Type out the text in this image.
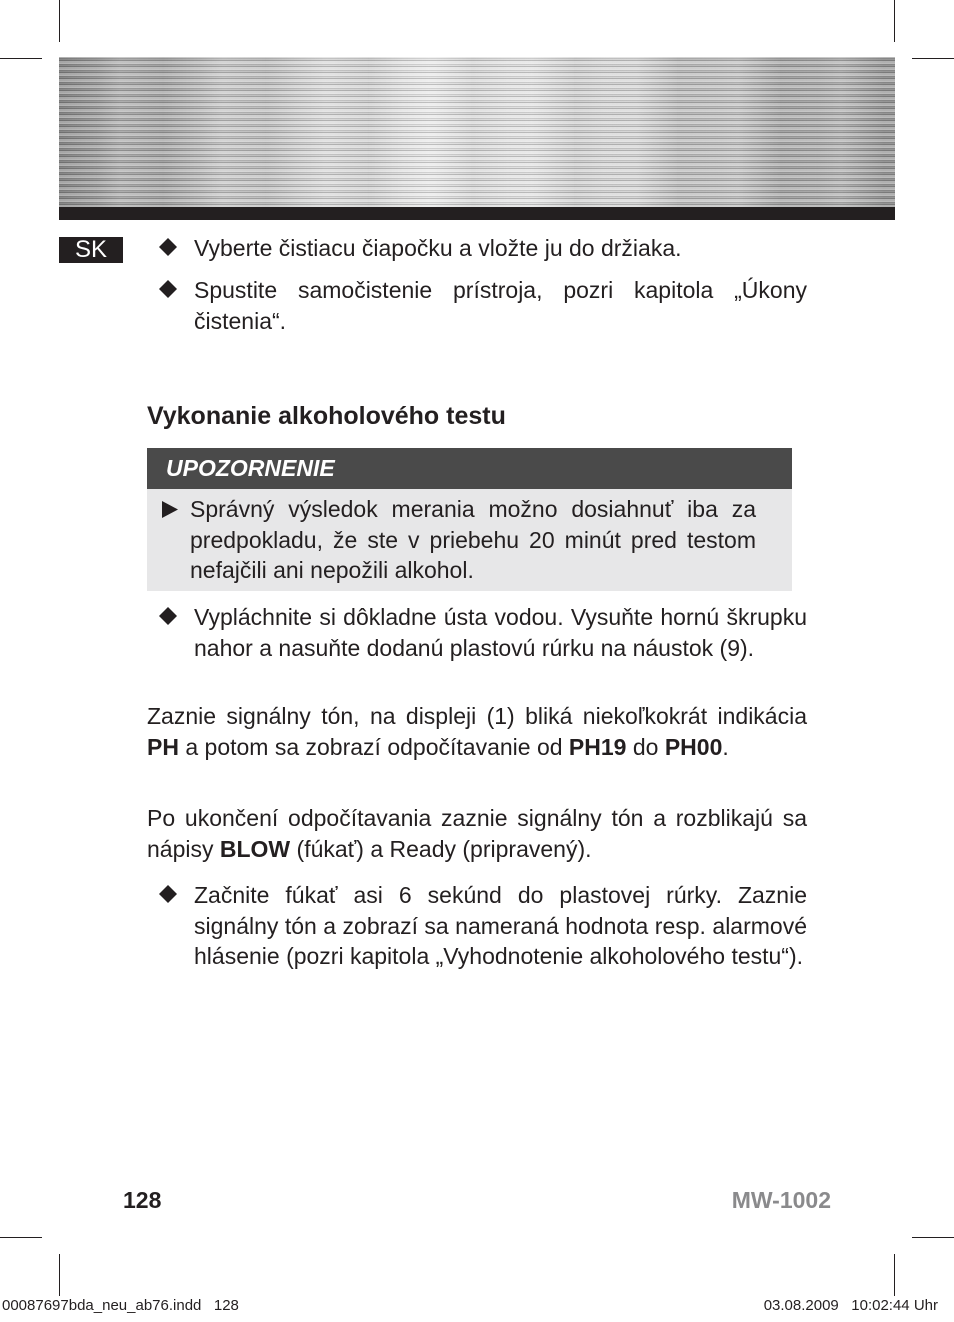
SK	Vyberte čistiacu čiapočku a vložte ju do držiaka.
Spustite samočistenie prístroja, pozri kapitola „Úkony čistenia“.
Vykonanie alkoholového testu
UPOZORNENIE
Správný výsledok merania možno dosiahnuť iba za predpokladu, že ste v priebehu 20 minút pred testom nefajčili ani nepožili alkohol.
Vypláchnite si dôkladne ústa vodou. Vysuňte hornú škrupku nahor a nasuňte dodanú plastovú rúrku na náustok (9).
Zaznie signálny tón, na displeji (1) bliká niekoľkokrát indikácia PH a potom sa zobrazí odpočítavanie od PH19 do PH00.
Po ukončení odpočítavania zaznie signálny tón a rozblikajú sa nápisy BLOW (fúkať) a Ready (pripravený).
Začnite fúkať asi 6 sekúnd do plastovej rúrky. Zaznie signálny tón a zobrazí sa nameraná hodnota resp. alarmové hlásenie (pozri kapitola „Vyhodnotenie alkoholového testu“).
128	MW-1002
00087697bda_neu_ab76.indd   128	03.08.2009   10:02:44 Uhr
